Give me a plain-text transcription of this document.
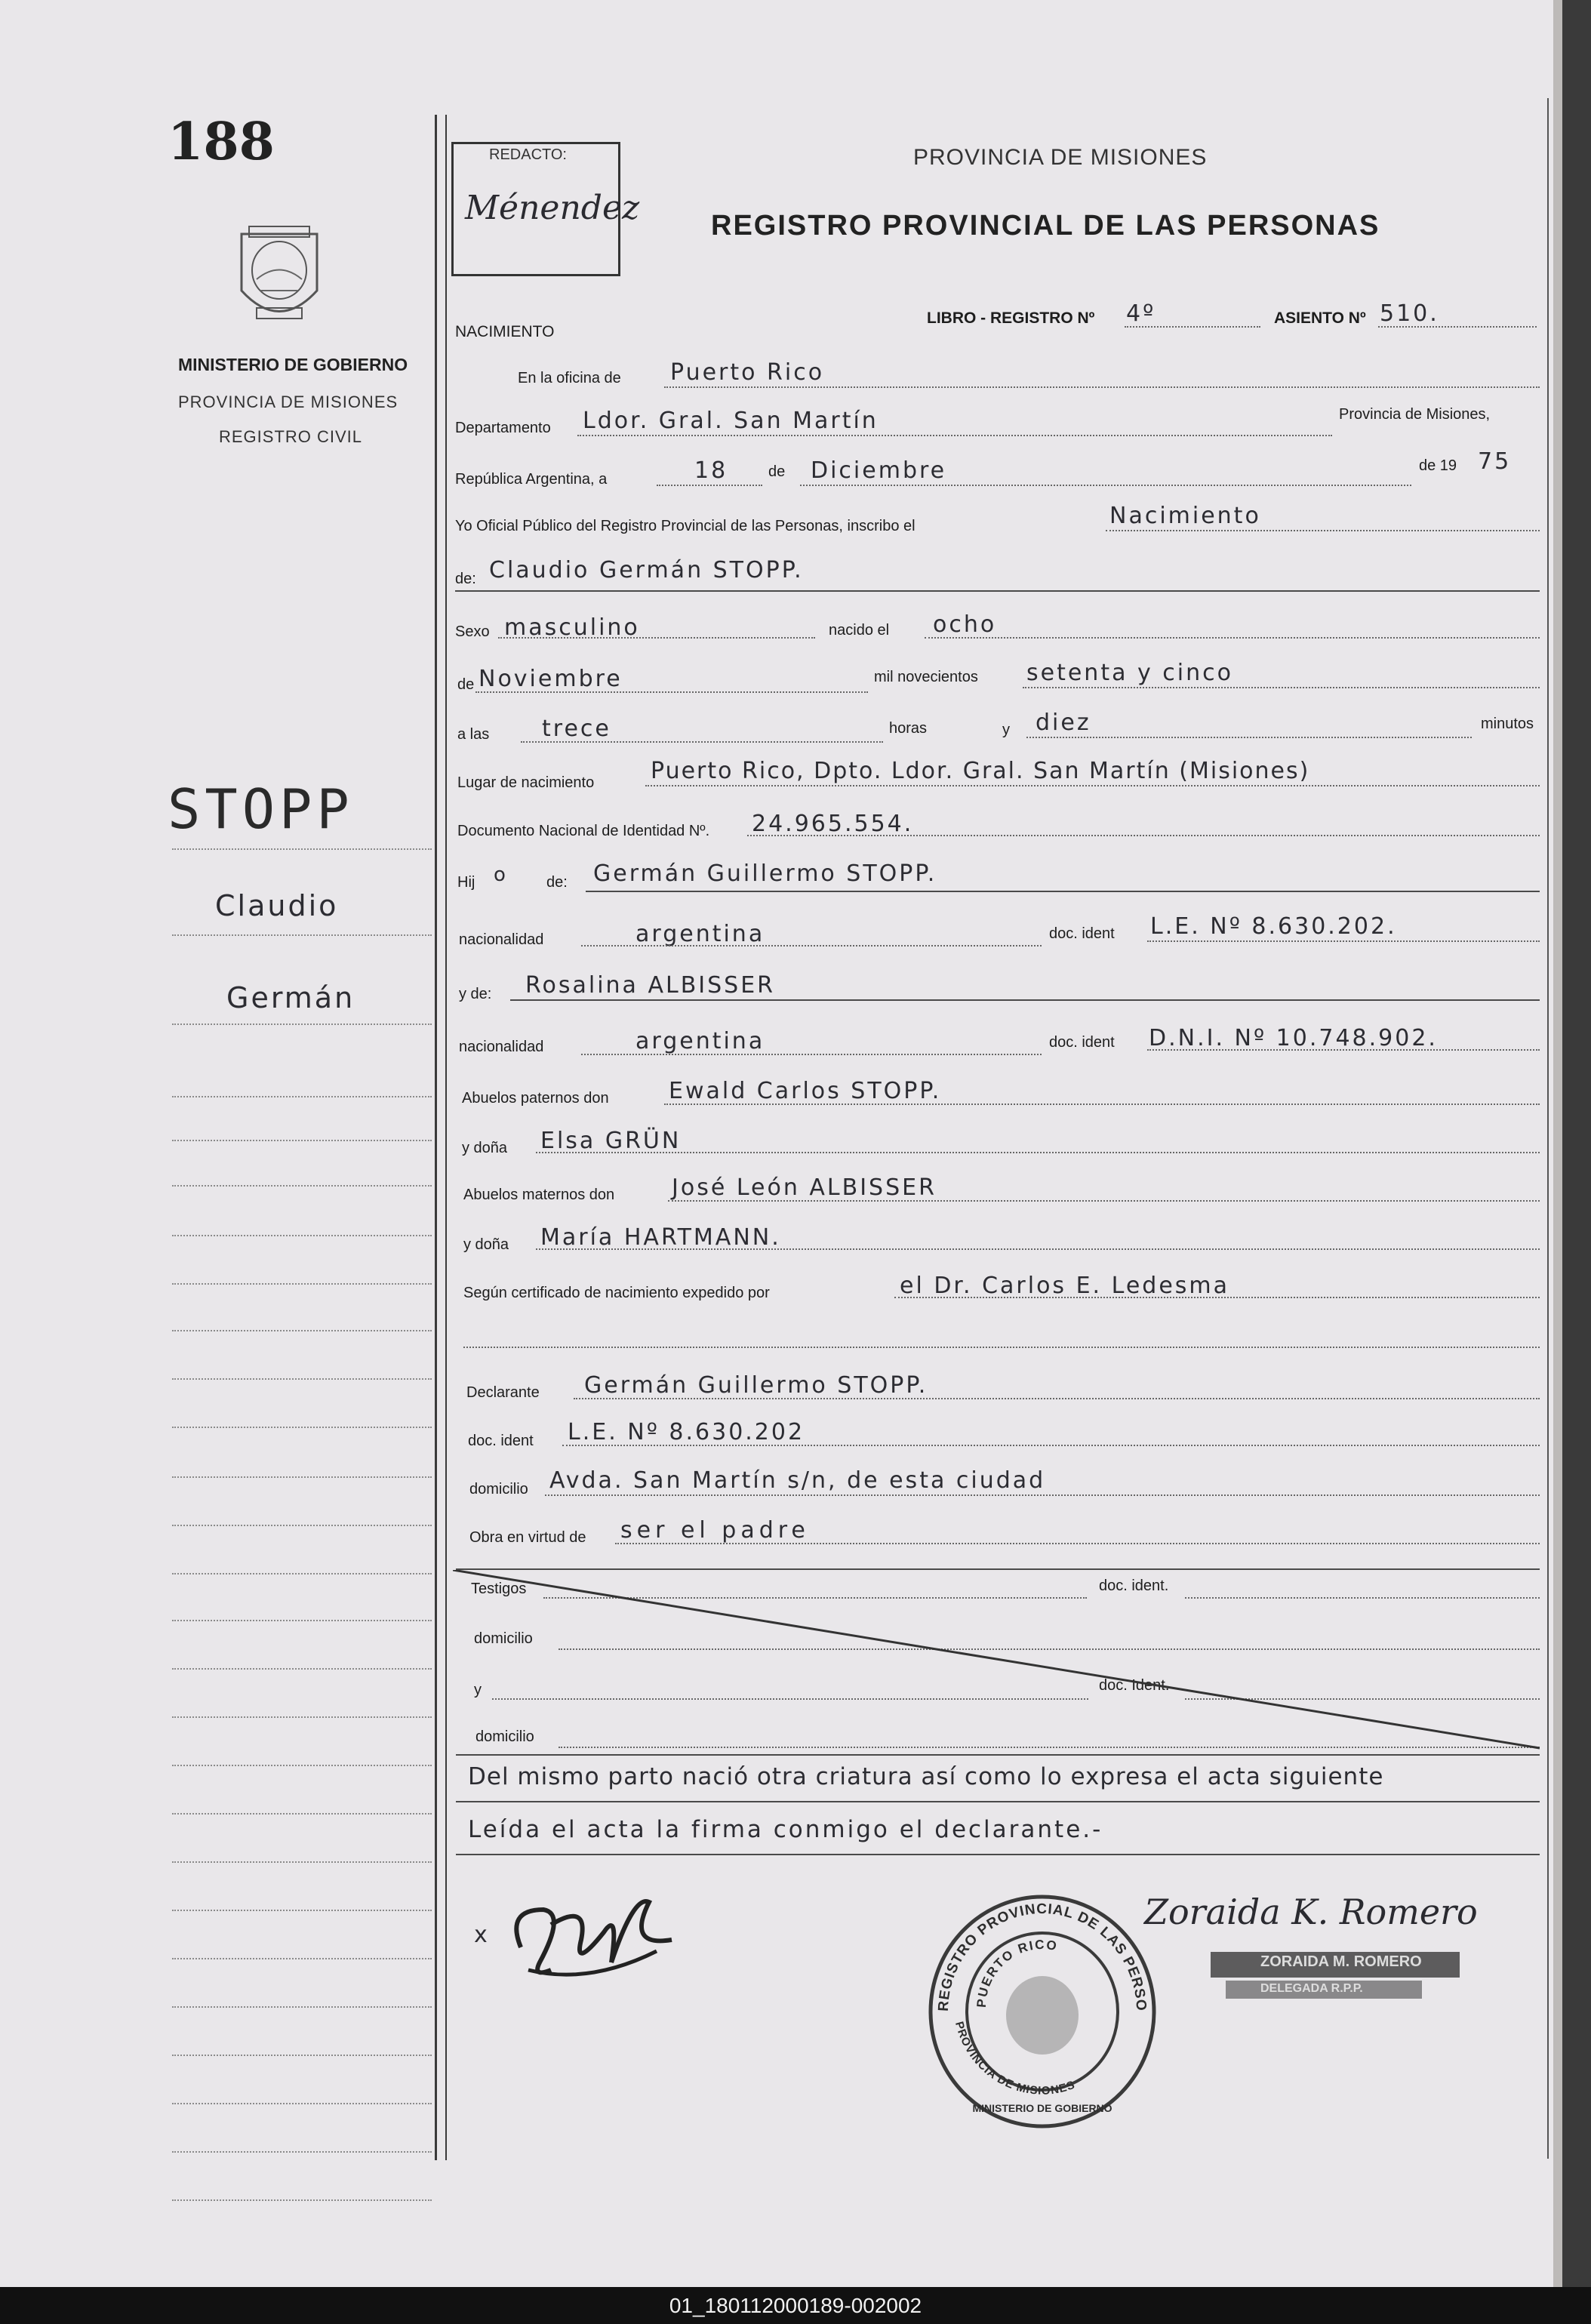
188
MINISTERIO DE GOBIERNO
PROVINCIA DE MISIONES
REGISTRO CIVIL
STOPP
Claudio
Germán
REDACTO:
Ménendez
PROVINCIA DE MISIONES
REGISTRO PROVINCIAL DE LAS PERSONAS
NACIMIENTO
LIBRO - REGISTRO Nº 4º	ASIENTO Nº 510.
En la oficina de Puerto Rico
Departamento Ldor. Gral. San Martín	Provincia de Misiones,
República Argentina, a	18	de Diciembre	de 19 75
Yo Oficial Público del Registro Provincial de las Personas, inscribo el	Nacimiento
de: Claudio Germán STOPP.
Sexo masculino	nacido el ocho
de Noviembre	mil novecientos setenta y cinco
a las trece	horas	y diez	minutos
Lugar de nacimiento Puerto Rico, Dpto. Ldor. Gral. San Martín (Misiones)
Documento Nacional de Identidad Nº. 24.965.554.
Hij o	de: Germán Guillermo STOPP.
nacionalidad	argentina	doc. ident L.E. Nº 8.630.202.
y de: Rosalina ALBISSER
nacionalidad	argentina	doc. ident D.N.I. Nº 10.748.902.
Abuelos paternos don	Ewald Carlos STOPP.
y doña Elsa GRÜN
Abuelos maternos don	José León ALBISSER
y doña María HARTMANN.
Según certificado de nacimiento expedido por	el Dr. Carlos E. Ledesma
Declarante Germán Guillermo STOPP.
doc. ident L.E. Nº 8.630.202
domicilio Avda. San Martín s/n, de esta ciudad
Obra en virtud de ser el padre
Testigos	doc. ident.
domicilio
y	doc. Ident.
domicilio
Del mismo parto nació otra criatura así como lo expresa el acta siguiente
Leída el acta la firma conmigo el declarante.-
x
Zoraida K. Romero
ZORAIDA M. ROMERO
DELEGADA R.P.P.
REGISTRO PROVINCIAL DE LAS PERSO
PUERTO RICO
PROVINCIA DE MISIONES
MINISTERIO DE GOBIERNO
01_180112000189-002002
